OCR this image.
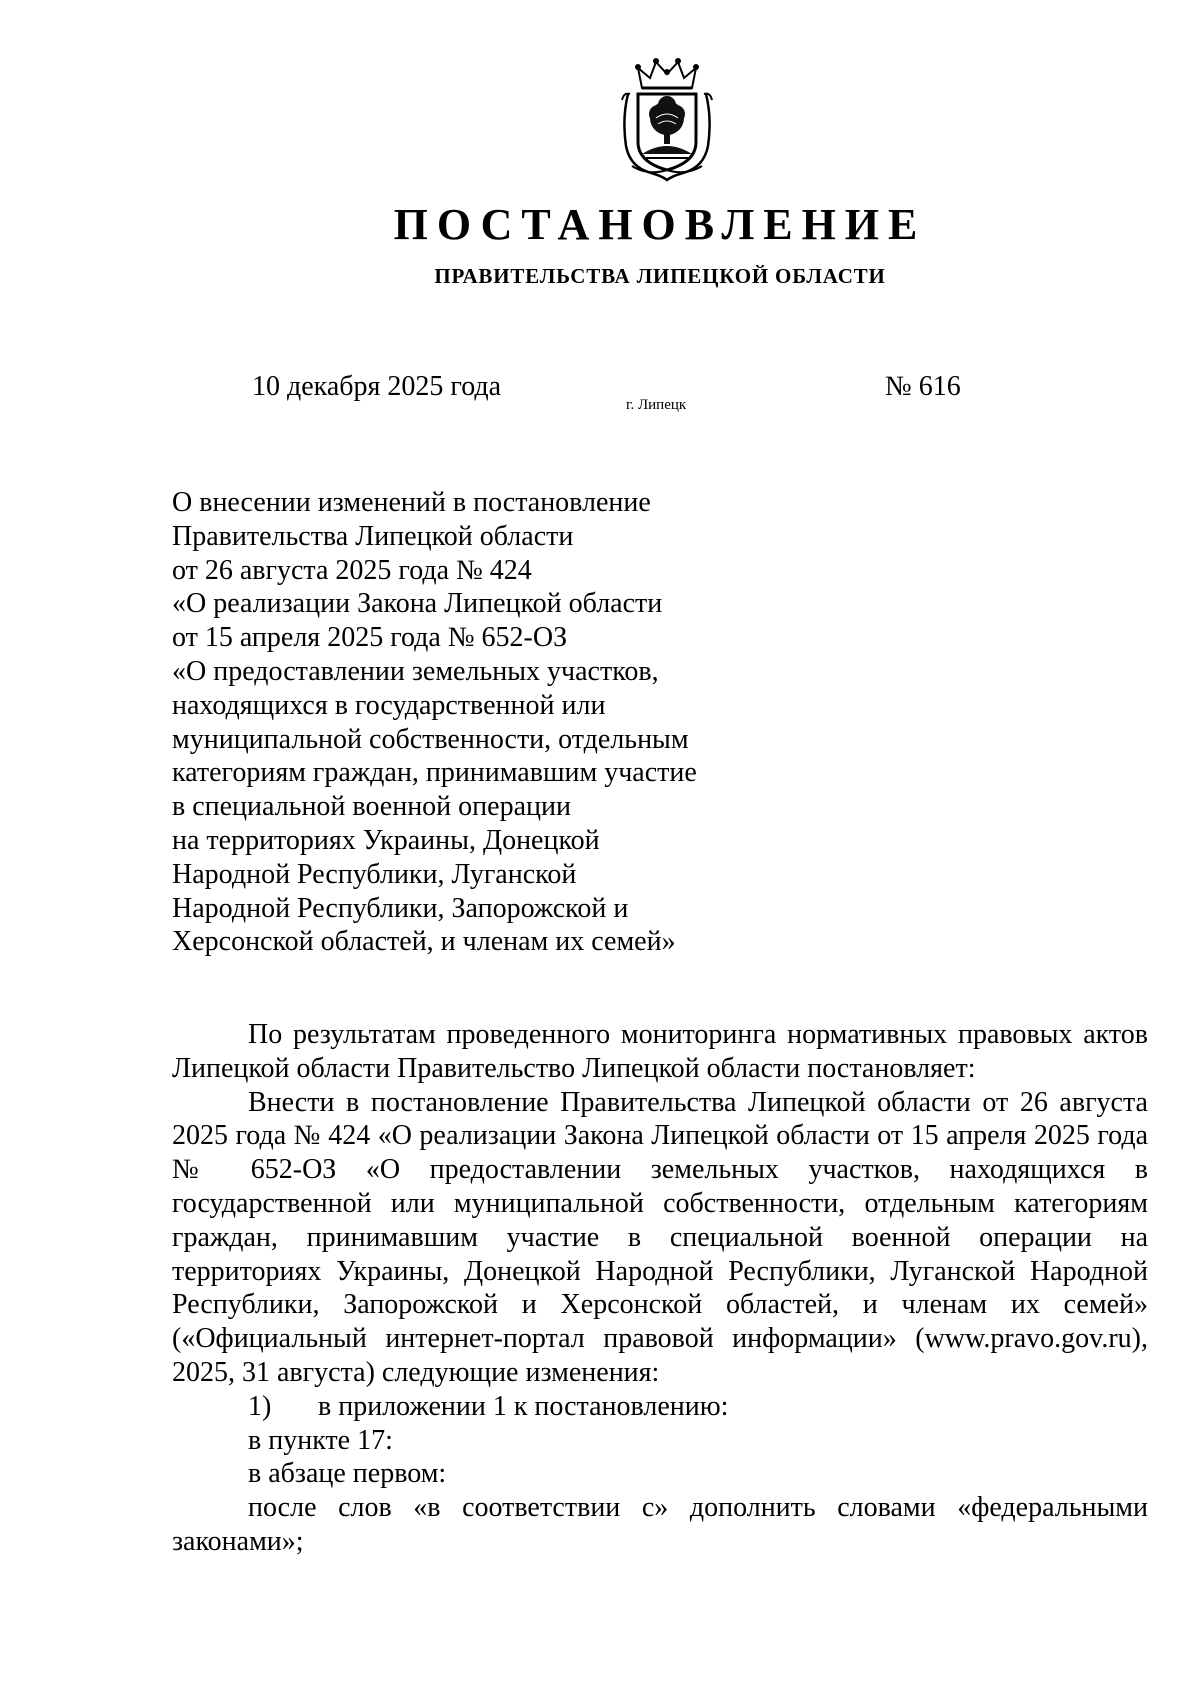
ПОСТАНОВЛЕНИЕ
ПРАВИТЕЛЬСТВА ЛИПЕЦКОЙ ОБЛАСТИ
10 декабря 2025 года
г. Липецк
№ 616
О внесении изменений в постановление
Правительства Липецкой области
от 26 августа 2025 года № 424
«О реализации Закона Липецкой области
от 15 апреля 2025 года № 652-ОЗ
«О предоставлении земельных участков,
находящихся в государственной или
муниципальной собственности, отдельным
категориям граждан, принимавшим участие
в специальной военной операции
на территориях Украины, Донецкой
Народной Республики, Луганской
Народной Республики, Запорожской и
Херсонской областей, и членам их семей»

По результатам проведенного мониторинга нормативных правовых актов Липецкой области Правительство Липецкой области постановляет:

Внести в постановление Правительства Липецкой области от 26 августа 2025 года № 424 «О реализации Закона Липецкой области от 15 апреля 2025 года № 652-ОЗ «О предоставлении земельных участков, находящихся в государственной или муниципальной собственности, отдельным категориям граждан, принимавшим участие в специальной военной операции на территориях Украины, Донецкой Народной Республики, Луганской Народной Республики, Запорожской и Херсонской областей, и членам их семей» («Официальный интернет-портал правовой информации» (www.pravo.gov.ru), 2025, 31 августа) следующие изменения:

1) в приложении 1 к постановлению:

в пункте 17:

в абзаце первом:

после слов «в соответствии с» дополнить словами «федеральными законами»;
